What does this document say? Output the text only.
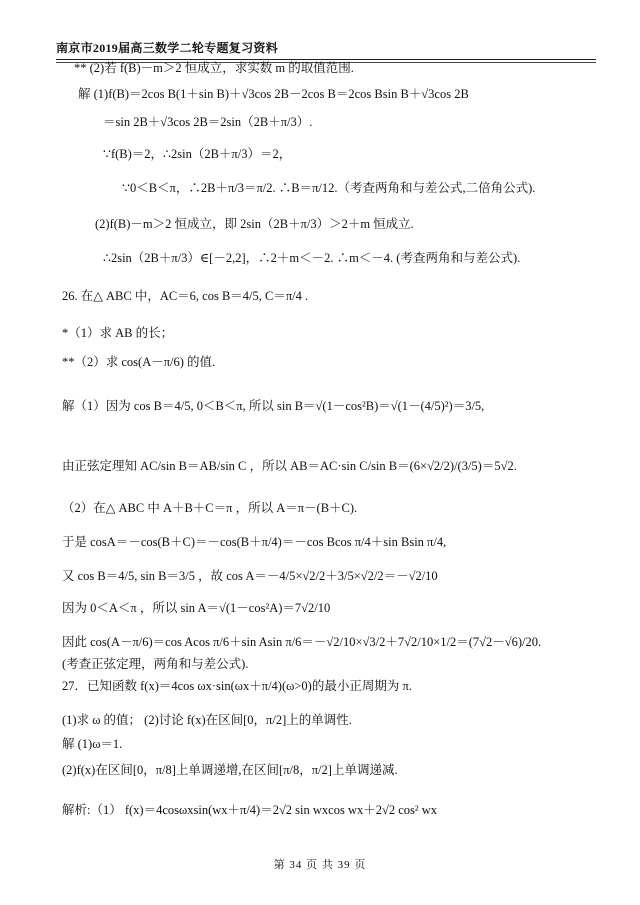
南京市2019届高三数学二轮专题复习资料
** (2)若 f(B)－m＞2 恒成立，求实数 m 的取值范围.
解 (1)f(B)＝2cos B(1＋sin B)＋√3cos 2B－2cos B＝2cos Bsin B＋√3cos 2B
＝sin 2B＋√3cos 2B＝2sin（2B＋π/3）.
∵f(B)＝2，∴2sin（2B＋π/3）＝2，
∵0＜B＜π，∴2B＋π/3＝π/2. ∴B＝π/12.（考查两角和与差公式,二倍角公式).
(2)f(B)－m＞2 恒成立，即 2sin（2B＋π/3）＞2＋m 恒成立.
∴2sin（2B＋π/3）∈[－2,2]，∴2＋m＜－2. ∴m＜－4. (考查两角和与差公式).
26. 在△ ABC 中，AC＝6, cos B＝4/5, C＝π/4 .
*（1）求 AB 的长；
**（2）求 cos(A－π/6) 的值.
解（1）因为 cos B＝4/5, 0＜B＜π, 所以 sin B＝√(1－cos²B)＝√(1－(4/5)²)＝3/5,
由正弦定理知 AC/sin B＝AB/sin C ，所以 AB＝AC·sin C/sin B＝(6×√2/2)/(3/5)＝5√2.
（2）在△ ABC 中 A＋B＋C＝π ，所以 A＝π－(B＋C).
于是 cosA＝－cos(B＋C)＝－cos(B＋π/4)＝－cos Bcos π/4＋sin Bsin π/4,
又 cos B＝4/5, sin B＝3/5 ，故 cos A＝－4/5×√2/2＋3/5×√2/2＝－√2/10
因为 0＜A＜π ，所以 sin A＝√(1－cos²A)＝7√2/10
因此 cos(A－π/6)＝cos Acos π/6＋sin Asin π/6＝－√2/10×√3/2＋7√2/10×1/2＝(7√2－√6)/20.
(考查正弦定理，两角和与差公式).
27．已知函数 f(x)＝4cos ωx·sin(ωx＋π/4)(ω>0)的最小正周期为 π.
(1)求 ω 的值； (2)讨论 f(x)在区间[0，π/2]上的单调性.
解 (1)ω＝1.
(2)f(x)在区间[0，π/8]上单调递增,在区间[π/8，π/2]上单调递减.
解析:（1） f(x)＝4cosωxsin(wx＋π/4)＝2√2 sin wxcos wx＋2√2 cos² wx
第 34 页 共 39 页
